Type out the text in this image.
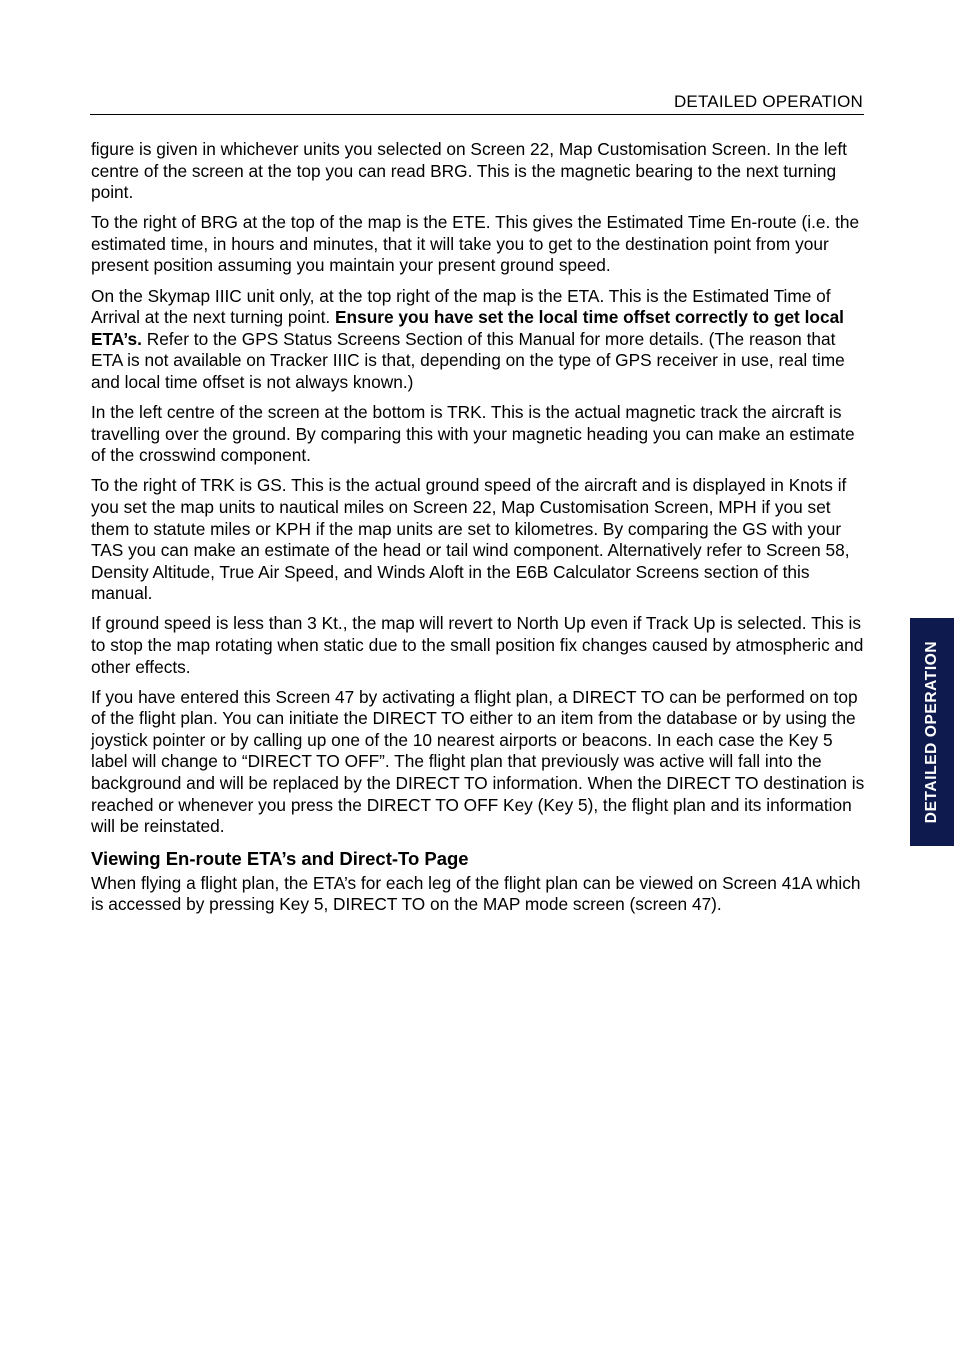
DETAILED OPERATION

figure is given in whichever units you selected on Screen 22, Map Customisation Screen. In the left centre of the screen at the top you can read BRG. This is the magnetic bearing to the next turning point.

To the right of BRG at the top of the map is the ETE. This gives the Estimated Time En-route (i.e. the estimated time, in hours and minutes, that it will take you to get to the destination point from your present position assuming you maintain your present ground speed.

On the Skymap IIIC unit only, at the top right of the map is the ETA. This is the Estimated Time of Arrival at the next turning point. Ensure you have set the local time offset correctly to get local ETA’s. Refer to the GPS Status Screens Section of this Manual for more details. (The reason that ETA is not available on Tracker IIIC is that, depending on the type of GPS receiver in use, real time and local time offset is not always known.)

In the left centre of the screen at the bottom is TRK. This is the actual magnetic track the aircraft is travelling over the ground. By comparing this with your magnetic heading you can make an estimate of the crosswind component.

To the right of TRK is GS. This is the actual ground speed of the aircraft and is displayed in Knots if you set the map units to nautical miles on Screen 22, Map Customisation Screen, MPH if you set them to statute miles or KPH if the map units are set to kilometres. By comparing the GS with your TAS you can make an estimate of the head or tail wind component. Alternatively refer to Screen 58, Density Altitude, True Air Speed, and Winds Aloft in the E6B Calculator Screens section of this manual.

If ground speed is less than 3 Kt., the map will revert to North Up even if Track Up is selected. This is to stop the map rotating when static due to the small position fix changes caused by atmospheric and other effects.

If you have entered this Screen 47 by activating a flight plan, a DIRECT TO can be performed on top of the flight plan. You can initiate the DIRECT TO either to an item from the database or by using the joystick pointer or by calling up one of the 10 nearest airports or beacons. In each case the Key 5 label will change to “DIRECT TO OFF”. The flight plan that previously was active will fall into the background and will be replaced by the DIRECT TO information. When the DIRECT TO destination is reached or whenever you press the DIRECT TO OFF Key (Key 5), the flight plan and its information will be reinstated.

Viewing En-route ETA’s and Direct-To Page

When flying a flight plan, the ETA’s for each leg of the flight plan can be viewed on Screen 41A which is accessed by pressing Key 5, DIRECT TO on the MAP mode screen (screen 47).

DETAILED OPERATION
